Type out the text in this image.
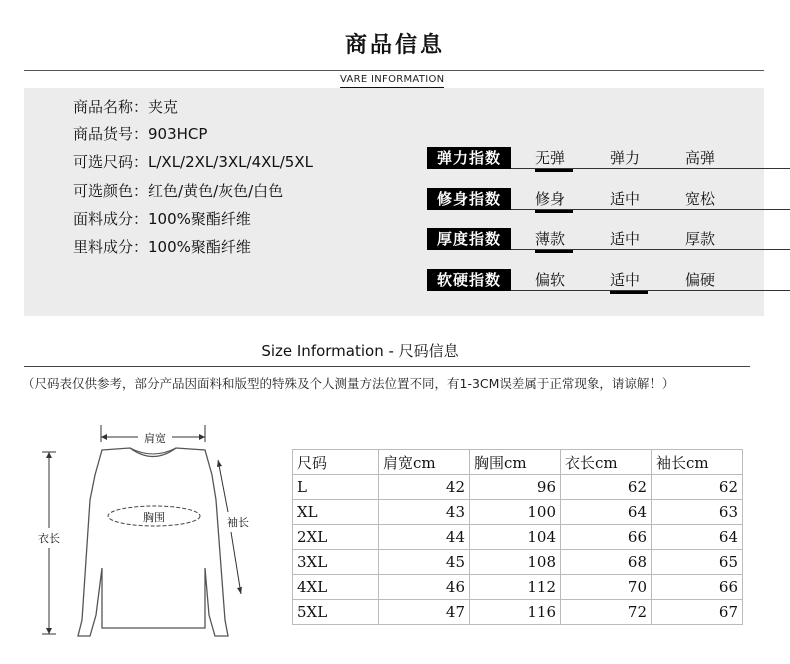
商品信息
VARE INFORMATION
商品名称：夹克
商品货号：903HCP
可选尺码：L/XL/2XL/3XL/4XL/5XL
可选颜色：红色/黄色/灰色/白色
面料成分：100%聚酯纤维
里料成分：100%聚酯纤维
弹力指数	无弹	弹力	高弹
修身指数	修身	适中	宽松
厚度指数	薄款	适中	厚款
软硬指数	偏软	适中	偏硬
Size Information - 尺码信息
（尺码表仅供参考，部分产品因面料和版型的特殊及个人测量方法位置不同，有1-3CM误差属于正常现象，请谅解！）
肩宽
胸围
衣长
袖长
尺码	肩宽cm	胸围cm	衣长cm	袖长cm
L	42	96	62	62
XL	43	100	64	63
2XL	44	104	66	64
3XL	45	108	68	65
4XL	46	112	70	66
5XL	47	116	72	67
